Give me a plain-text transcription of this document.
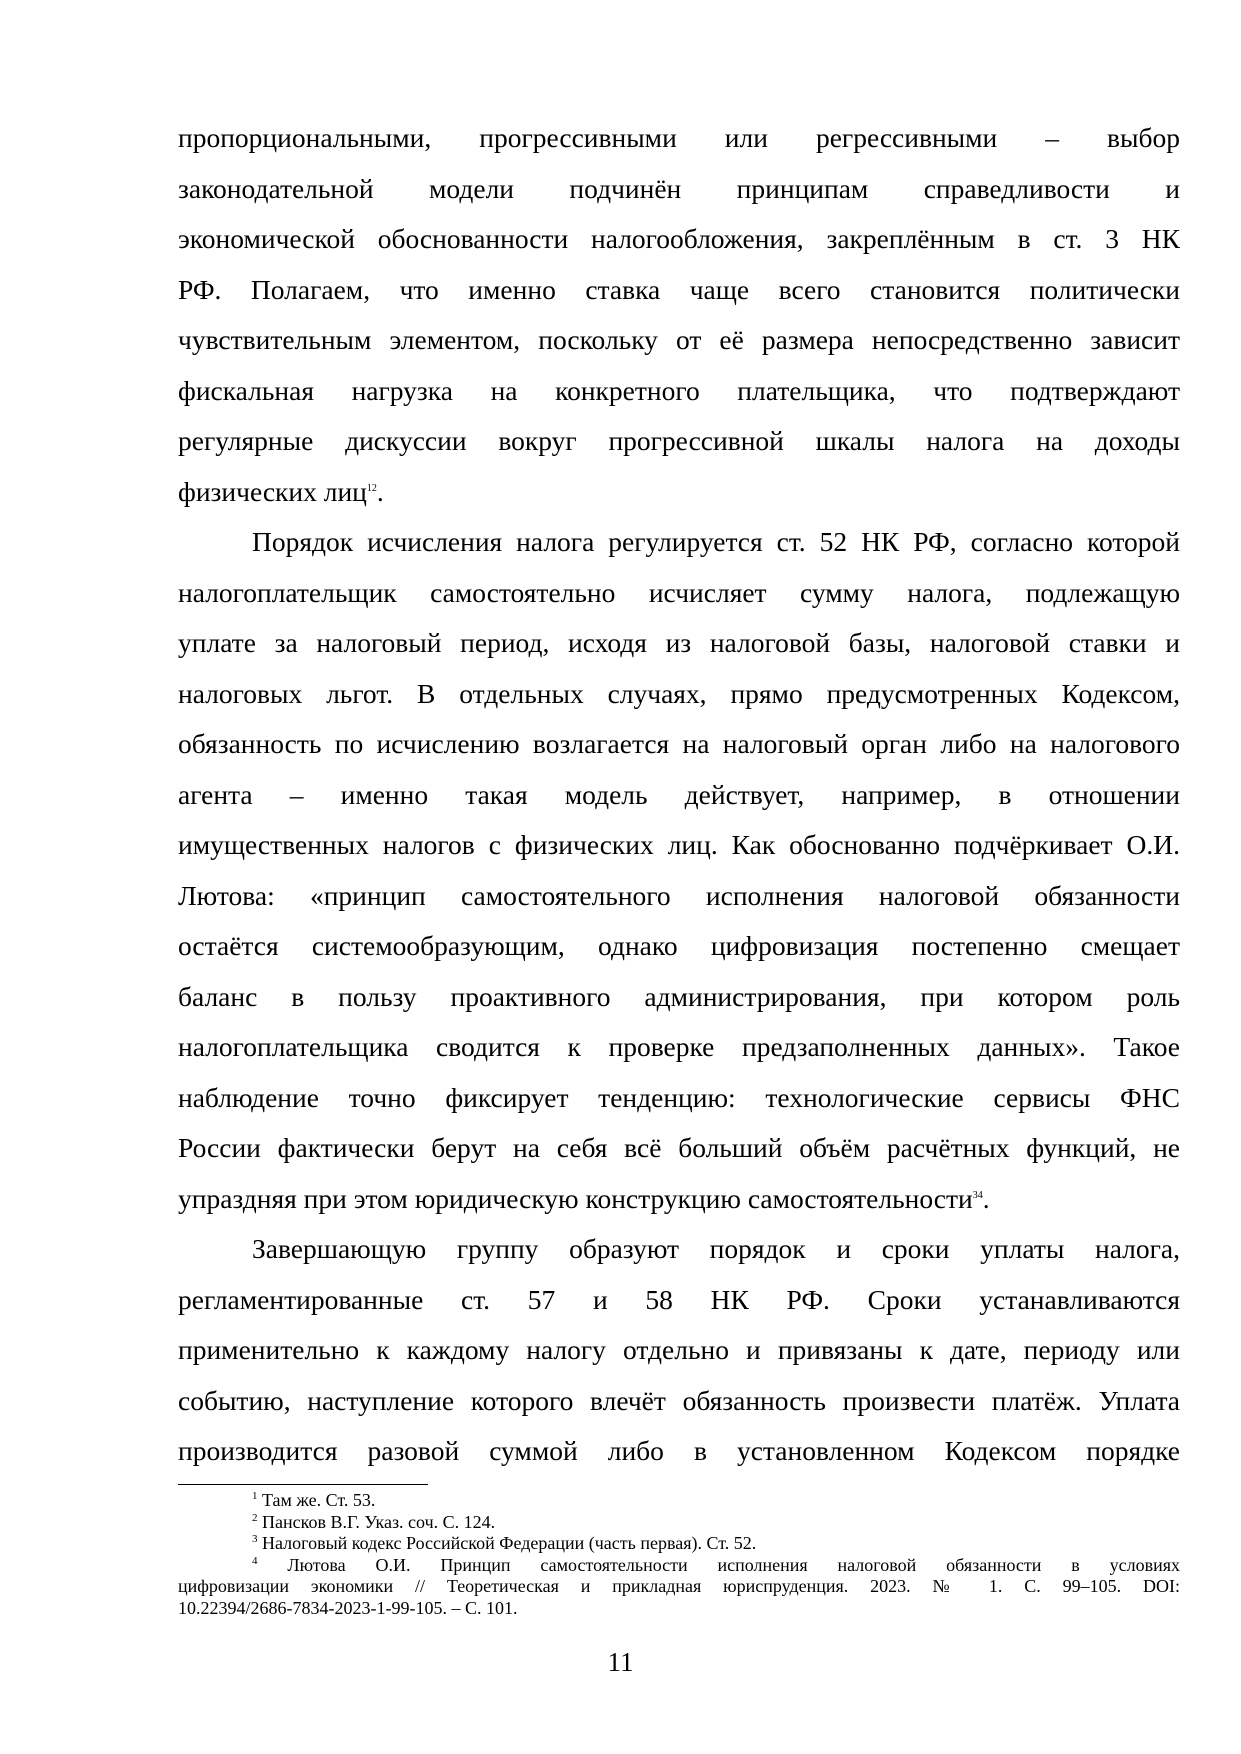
пропорциональными, прогрессивными или регрессивными – выбор
законодательной модели подчинён принципам справедливости и
экономической обоснованности налогообложения, закреплённым в ст. 3 НК
РФ. Полагаем, что именно ставка чаще всего становится политически
чувствительным элементом, поскольку от её размера непосредственно зависит
фискальная нагрузка на конкретного плательщика, что подтверждают
регулярные дискуссии вокруг прогрессивной шкалы налога на доходы
физических лиц$^{12}$.
Порядок исчисления налога регулируется ст. 52 НК РФ, согласно которой
налогоплательщик самостоятельно исчисляет сумму налога, подлежащую
уплате за налоговый период, исходя из налоговой базы, налоговой ставки и
налоговых льгот. В отдельных случаях, прямо предусмотренных Кодексом,
обязанность по исчислению возлагается на налоговый орган либо на налогового
агента – именно такая модель действует, например, в отношении
имущественных налогов с физических лиц. Как обоснованно подчёркивает О.И.
Лютова: «принцип самостоятельного исполнения налоговой обязанности
остаётся системообразующим, однако цифровизация постепенно смещает
баланс в пользу проактивного администрирования, при котором роль
налогоплательщика сводится к проверке предзаполненных данных». Такое
наблюдение точно фиксирует тенденцию: технологические сервисы ФНС
России фактически берут на себя всё больший объём расчётных функций, не
упраздняя при этом юридическую конструкцию самостоятельности$^{34}$.
Завершающую группу образуют порядок и сроки уплаты налога,
регламентированные ст. 57 и 58 НК РФ. Сроки устанавливаются
применительно к каждому налогу отдельно и привязаны к дате, периоду или
событию, наступление которого влечёт обязанность произвести платёж. Уплата
производится разовой суммой либо в установленном Кодексом порядке
$^1$ Там же. Ст. 53.
$^2$ Пансков В.Г. Указ. соч. С. 124.
$^3$ Налоговый кодекс Российской Федерации (часть первая). Ст. 52.
$^4$ Лютова О.И. Принцип самостоятельности исполнения налоговой обязанности в условиях
цифровизации экономики // Теоретическая и прикладная юриспруденция. 2023. № 1. С. 99–105. DOI:
10.22394/2686-7834-2023-1-99-105. – С. 101.
11
